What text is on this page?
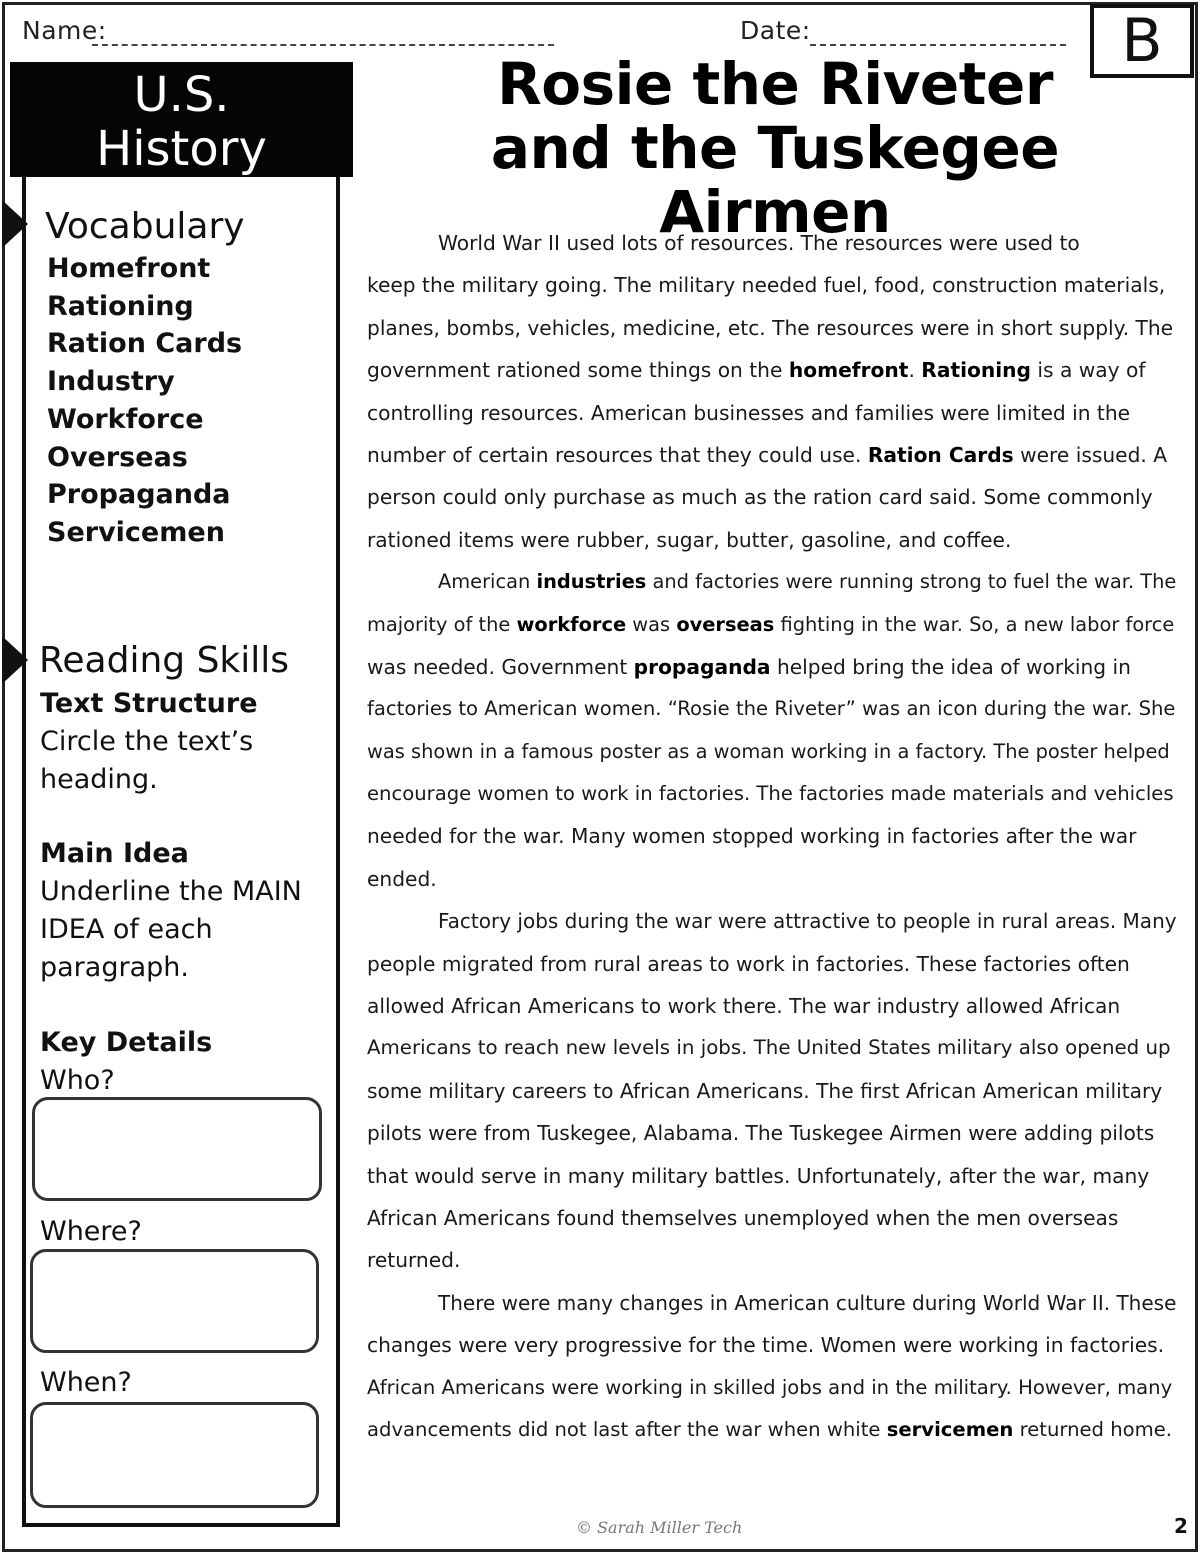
Name:	Date:	B
U.S.
History
Vocabulary
Homefront
Rationing
Ration Cards
Industry
Workforce
Overseas
Propaganda
Servicemen
Reading Skills
Text Structure
Circle the text’s heading.
Main Idea
Underline the MAIN IDEA of each paragraph.
Key Details
Who?
Where?
When?
Rosie the Riveter
and the Tuskegee Airmen
World War II used lots of resources. The resources were used to
keep the military going. The military needed fuel, food, construction materials,
planes, bombs, vehicles, medicine, etc. The resources were in short supply. The
government rationed some things on the homefront. Rationing is a way of
controlling resources. American businesses and families were limited in the
number of certain resources that they could use. Ration Cards were issued. A
person could only purchase as much as the ration card said. Some commonly
rationed items were rubber, sugar, butter, gasoline, and coffee.
American industries and factories were running strong to fuel the war. The
majority of the workforce was overseas fighting in the war. So, a new labor force
was needed. Government propaganda helped bring the idea of working in
factories to American women. “Rosie the Riveter” was an icon during the war. She
was shown in a famous poster as a woman working in a factory. The poster helped
encourage women to work in factories. The factories made materials and vehicles
needed for the war. Many women stopped working in factories after the war
ended.
Factory jobs during the war were attractive to people in rural areas. Many
people migrated from rural areas to work in factories. These factories often
allowed African Americans to work there. The war industry allowed African
Americans to reach new levels in jobs. The United States military also opened up
some military careers to African Americans. The first African American military
pilots were from Tuskegee, Alabama. The Tuskegee Airmen were adding pilots
that would serve in many military battles. Unfortunately, after the war, many
African Americans found themselves unemployed when the men overseas
returned.
There were many changes in American culture during World War II. These
changes were very progressive for the time. Women were working in factories.
African Americans were working in skilled jobs and in the military. However, many
advancements did not last after the war when white servicemen returned home.
© Sarah Miller Tech	2
